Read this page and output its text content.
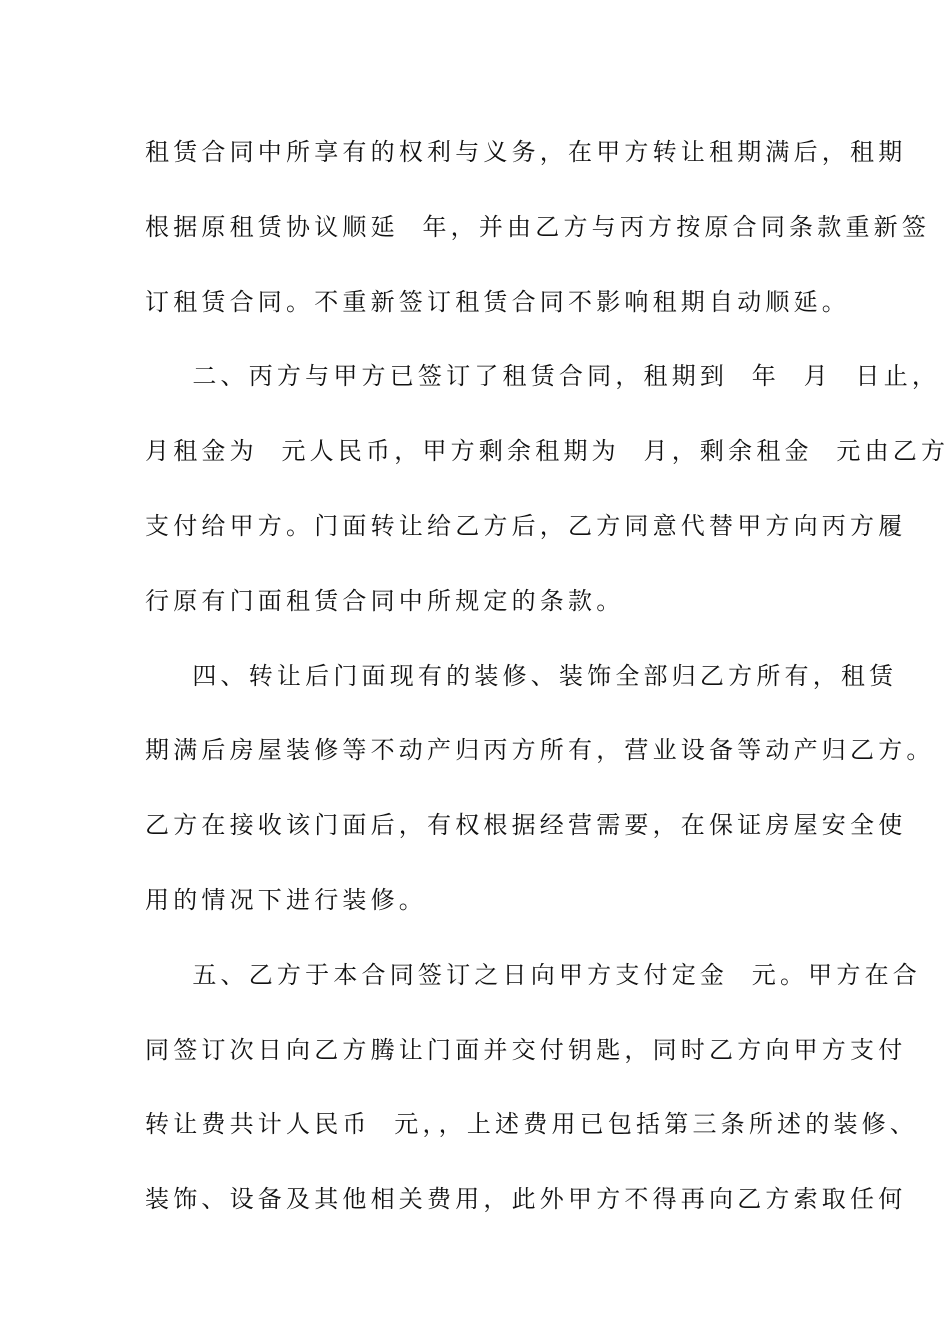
租赁合同中所享有的权利与义务，在甲方转让租期满后，租期
根据原租赁协议顺延  年，并由乙方与丙方按原合同条款重新签
订租赁合同。不重新签订租赁合同不影响租期自动顺延。
二、丙方与甲方已签订了租赁合同，租期到  年  月  日止，
月租金为  元人民币，甲方剩余租期为  月，剩余租金  元由乙方
支付给甲方。门面转让给乙方后，乙方同意代替甲方向丙方履
行原有门面租赁合同中所规定的条款。
四、转让后门面现有的装修、装饰全部归乙方所有，租赁
期满后房屋装修等不动产归丙方所有，营业设备等动产归乙方。
乙方在接收该门面后，有权根据经营需要，在保证房屋安全使
用的情况下进行装修。
五、乙方于本合同签订之日向甲方支付定金  元。甲方在合
同签订次日向乙方腾让门面并交付钥匙，同时乙方向甲方支付
转让费共计人民币  元，，上述费用已包括第三条所述的装修、
装饰、设备及其他相关费用，此外甲方不得再向乙方索取任何
